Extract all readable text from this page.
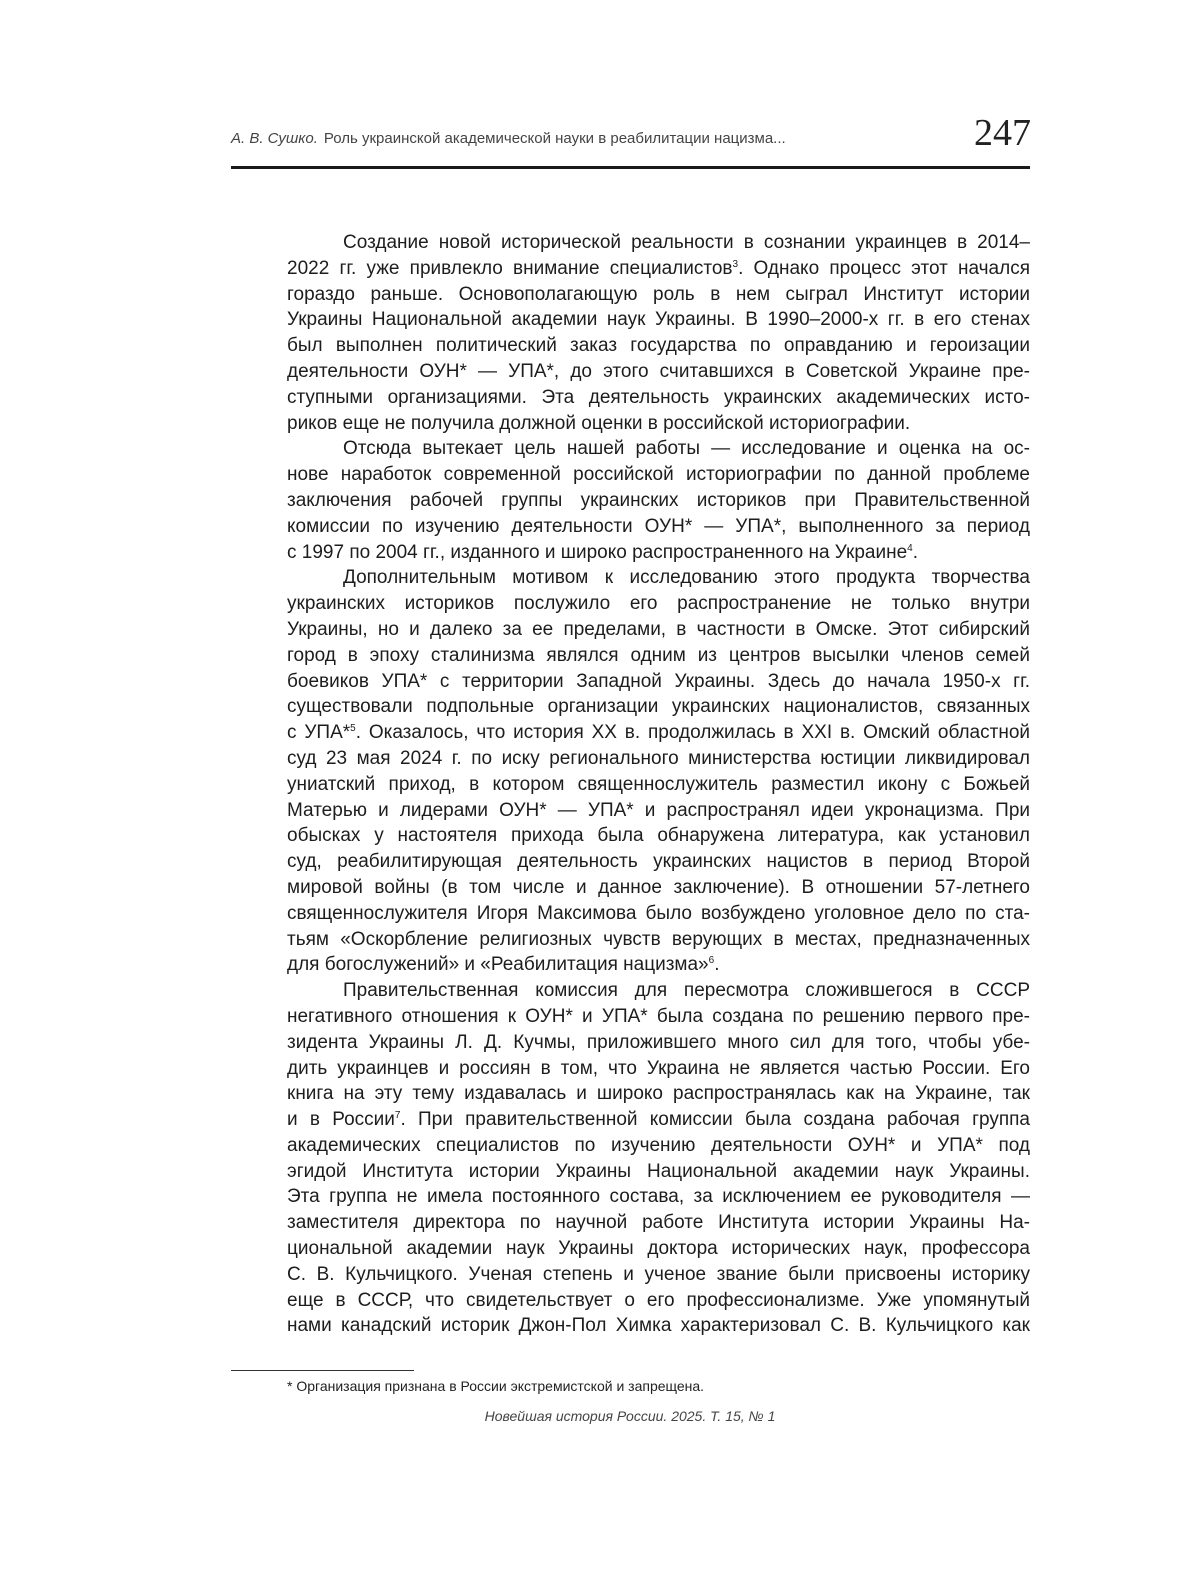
А. В. Сушко. Роль украинской академической науки в реабилитации нацизма...	247

Создание новой исторической реальности в сознании украинцев в 2014–
2022 гг. уже привлекло внимание специалистов$^3$. Однако процесс этот начался
гораздо раньше. Основополагающую роль в нем сыграл Институт истории
Украины Национальной академии наук Украины. В 1990–2000-х гг. в его стенах
был выполнен политический заказ государства по оправданию и героизации
деятельности ОУН* — УПА*, до этого считавшихся в Советской Украине пре-
ступными организациями. Эта деятельность украинских академических исто-
риков еще не получила должной оценки в российской историографии.

Отсюда вытекает цель нашей работы — исследование и оценка на ос-
нове наработок современной российской историографии по данной проблеме
заключения рабочей группы украинских историков при Правительственной
комиссии по изучению деятельности ОУН* — УПА*, выполненного за период
с 1997 по 2004 гг., изданного и широко распространенного на Украине$^4$.

Дополнительным мотивом к исследованию этого продукта творчества
украинских историков послужило его распространение не только внутри
Украины, но и далеко за ее пределами, в частности в Омске. Этот сибирский
город в эпоху сталинизма являлся одним из центров высылки членов семей
боевиков УПА* с территории Западной Украины. Здесь до начала 1950-х гг.
существовали подпольные организации украинских националистов, связанных
с УПА*$^5$. Оказалось, что история XX в. продолжилась в XXI в. Омский областной
суд 23 мая 2024 г. по иску регионального министерства юстиции ликвидировал
униатский приход, в котором священнослужитель разместил икону с Божьей
Матерью и лидерами ОУН* — УПА* и распространял идеи укронацизма. При
обысках у настоятеля прихода была обнаружена литература, как установил
суд, реабилитирующая деятельность украинских нацистов в период Второй
мировой войны (в том числе и данное заключение). В отношении 57-летнего
священнослужителя Игоря Максимова было возбуждено уголовное дело по ста-
тьям «Оскорбление религиозных чувств верующих в местах, предназначенных
для богослужений» и «Реабилитация нацизма»$^6$.

Правительственная комиссия для пересмотра сложившегося в СССР
негативного отношения к ОУН* и УПА* была создана по решению первого пре-
зидента Украины Л. Д. Кучмы, приложившего много сил для того, чтобы убе-
дить украинцев и россиян в том, что Украина не является частью России. Его
книга на эту тему издавалась и широко распространялась как на Украине, так
и в России$^7$. При правительственной комиссии была создана рабочая группа
академических специалистов по изучению деятельности ОУН* и УПА* под
эгидой Института истории Украины Национальной академии наук Украины.
Эта группа не имела постоянного состава, за исключением ее руководителя —
заместителя директора по научной работе Института истории Украины На-
циональной академии наук Украины доктора исторических наук, профессора
С. В. Кульчицкого. Ученая степень и ученое звание были присвоены историку
еще в СССР, что свидетельствует о его профессионализме. Уже упомянутый
нами канадский историк Джон-Пол Химка характеризовал С. В. Кульчицкого как

* Организация признана в России экстремистской и запрещена.
Новейшая история России. 2025. Т. 15, № 1
